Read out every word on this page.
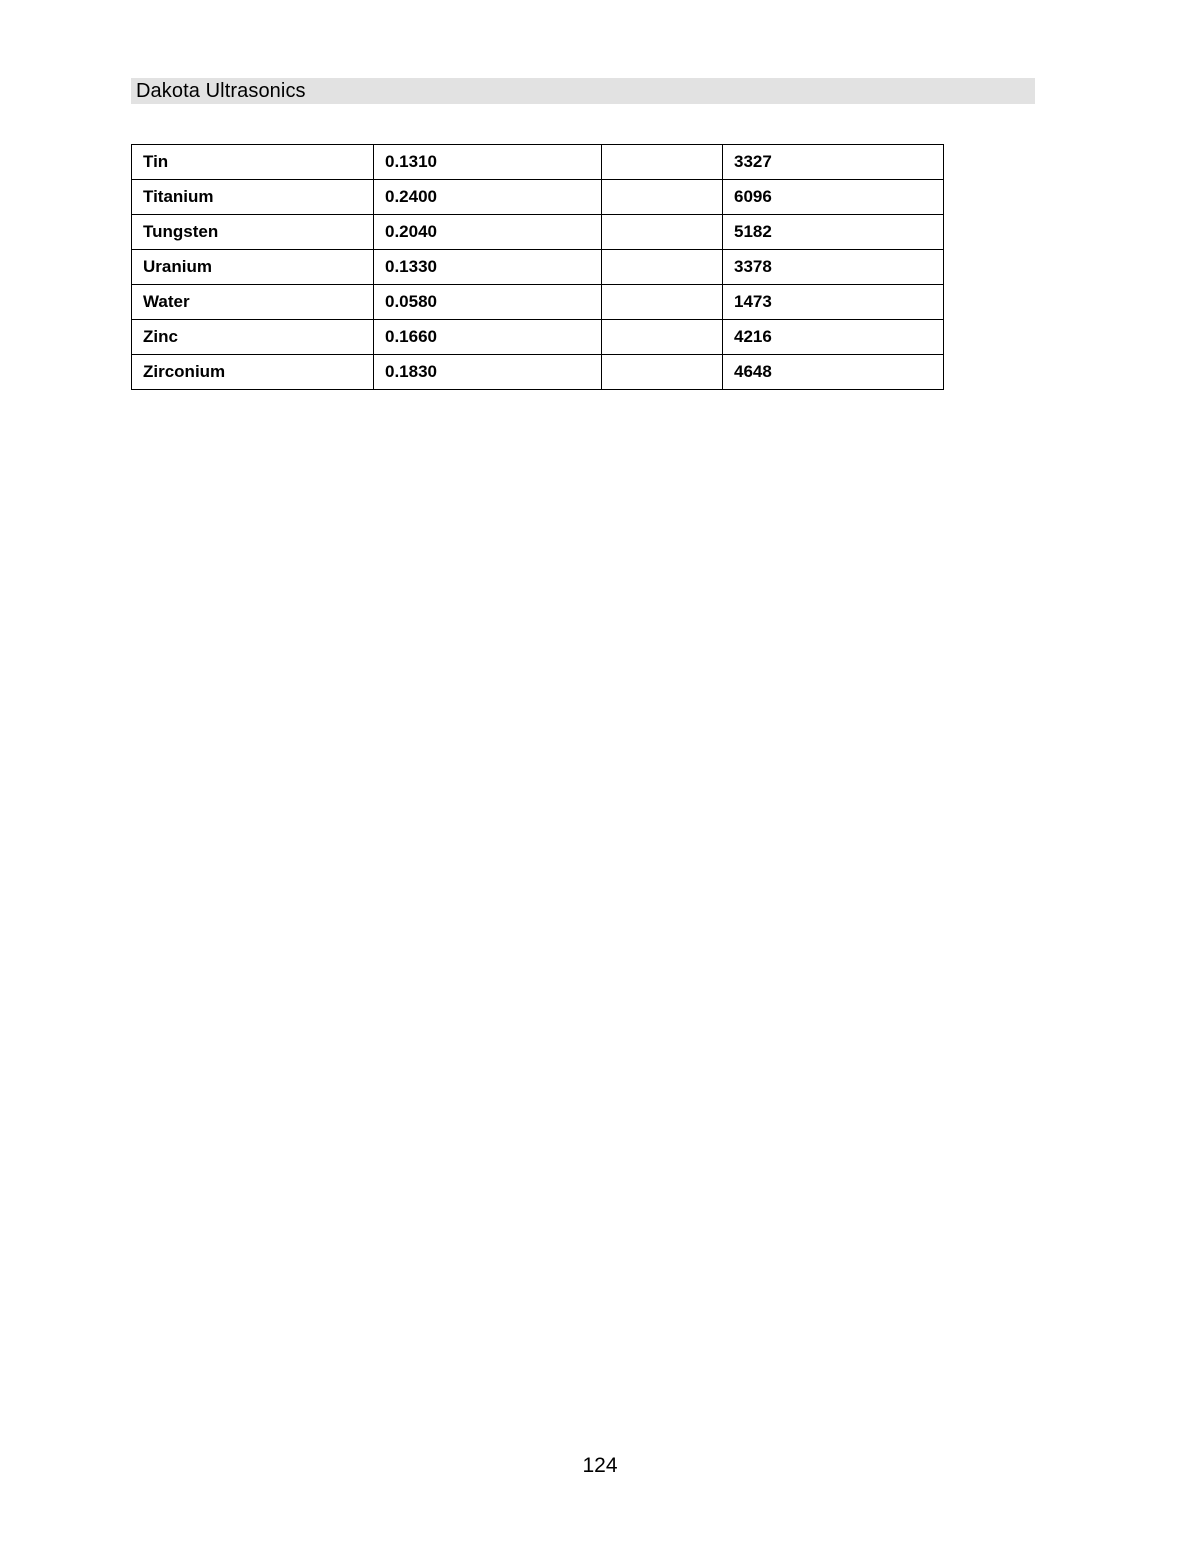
Dakota Ultrasonics
Tin	0.1310		3327
Titanium	0.2400		6096
Tungsten	0.2040		5182
Uranium	0.1330		3378
Water	0.0580		1473
Zinc	0.1660		4216
Zirconium	0.1830		4648
124
